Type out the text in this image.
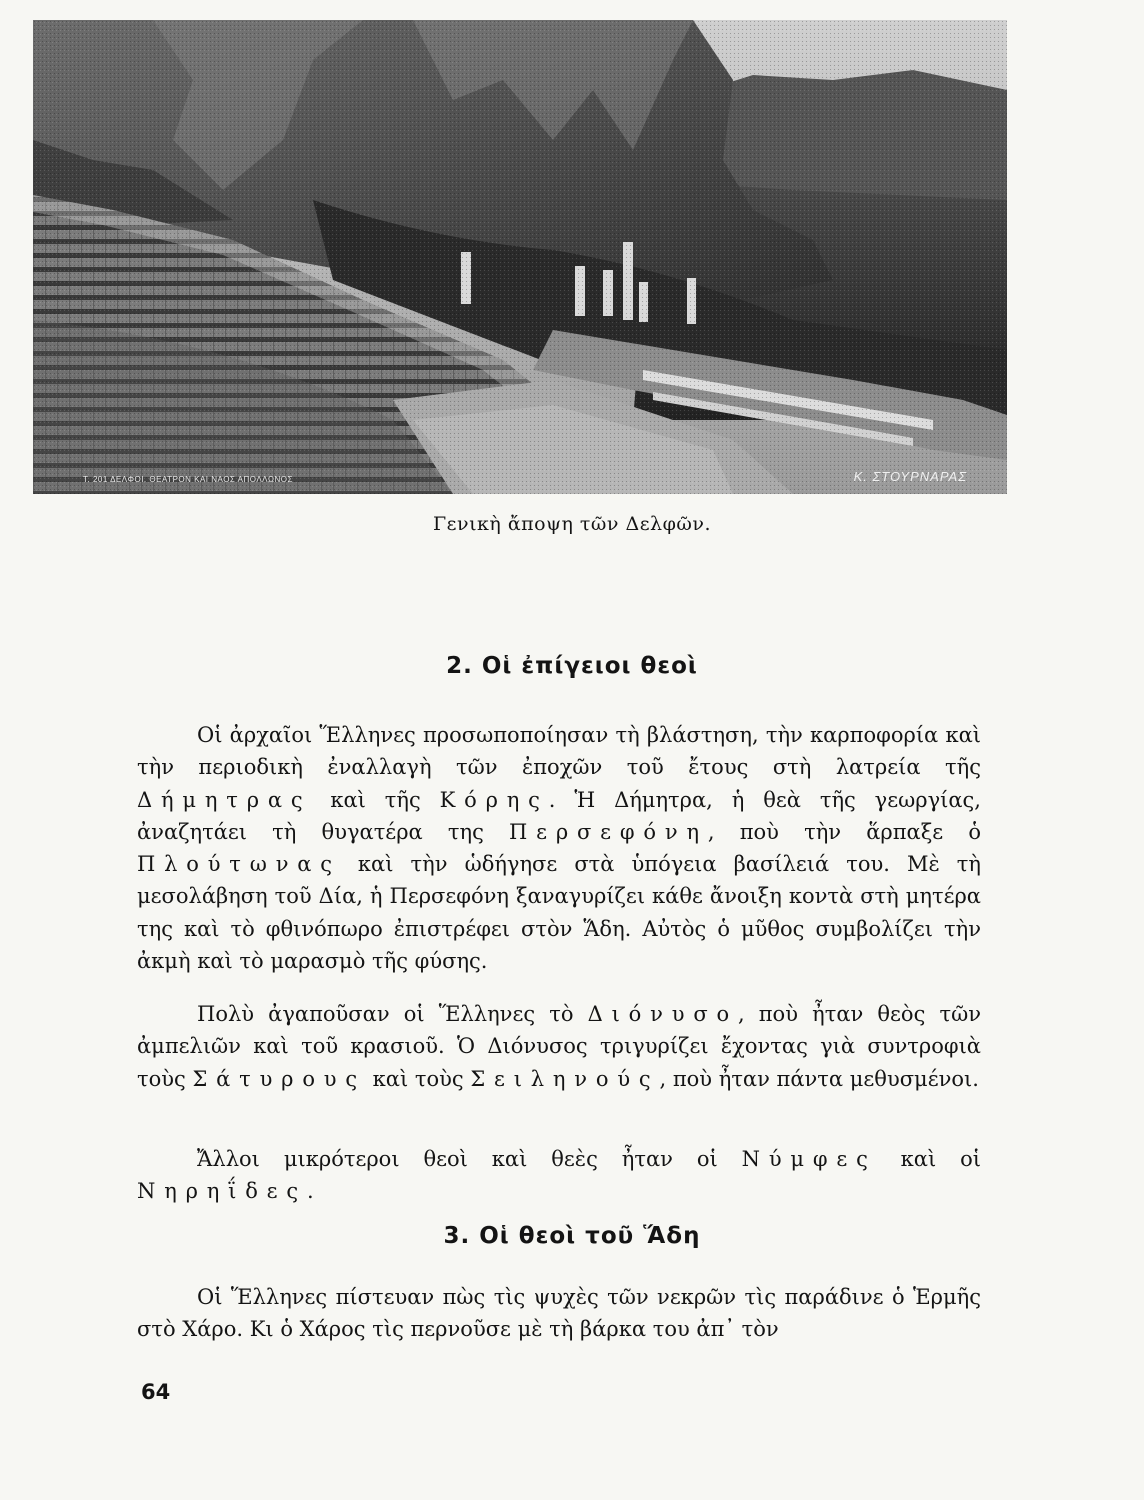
Τ. 201 ΔΕΛΦΟΙ. ΘΕΑΤΡΟΝ ΚΑΙ ΝΑΟΣ ΑΠΟΛΛΩΝΟΣ	Κ. ΣΤΟΥΡΝΑΡΑΣ
Γενικὴ ἄποψη τῶν Δελφῶν.
2. Οἱ ἐπίγειοι θεοὶ

Οἱ ἀρχαῖοι Ἕλληνες προσωποποίησαν τὴ βλάστηση, τὴν καρποφορία καὶ τὴν περιοδικὴ ἐναλλαγὴ τῶν ἐποχῶν τοῦ ἔτους στὴ λατρεία τῆς Δήμητρας καὶ τῆς Κόρης. Ἡ Δήμητρα, ἡ θεὰ τῆς γεωργίας, ἀναζητάει τὴ θυγατέρα της Περσεφόνη, ποὺ τὴν ἅρπαξε ὁ Πλούτωνας καὶ τὴν ὡδήγησε στὰ ὑπόγεια βασίλειά του. Μὲ τὴ μεσολάβηση τοῦ Δία, ἡ Περσεφόνη ξαναγυρίζει κάθε ἄνοιξη κοντὰ στὴ μητέρα της καὶ τὸ φθινόπωρο ἐπιστρέφει στὸν Ἅδη. Αὐτὸς ὁ μῦθος συμβολίζει τὴν ἀκμὴ καὶ τὸ μαρασμὸ τῆς φύσης.

Πολὺ ἀγαποῦσαν οἱ Ἕλληνες τὸ Διόνυσο, ποὺ ἦταν θεὸς τῶν ἀμπελιῶν καὶ τοῦ κρασιοῦ. Ὁ Διόνυσος τριγυρίζει ἔχοντας γιὰ συντροφιὰ τοὺς Σάτυρους καὶ τοὺς Σειληνούς, ποὺ ἦταν πάντα μεθυσμένοι.

Ἄλλοι μικρότεροι θεοὶ καὶ θεὲς ἦταν οἱ Νύμφες καὶ οἱ Νηρηΐδες.

3. Οἱ θεοὶ τοῦ Ἅδη

Οἱ Ἕλληνες πίστευαν πὼς τὶς ψυχὲς τῶν νεκρῶν τὶς παράδινε ὁ Ἑρμῆς στὸ Χάρο. Κι ὁ Χάρος τὶς περνοῦσε μὲ τὴ βάρκα του ἀπ᾿ τὸν

64
